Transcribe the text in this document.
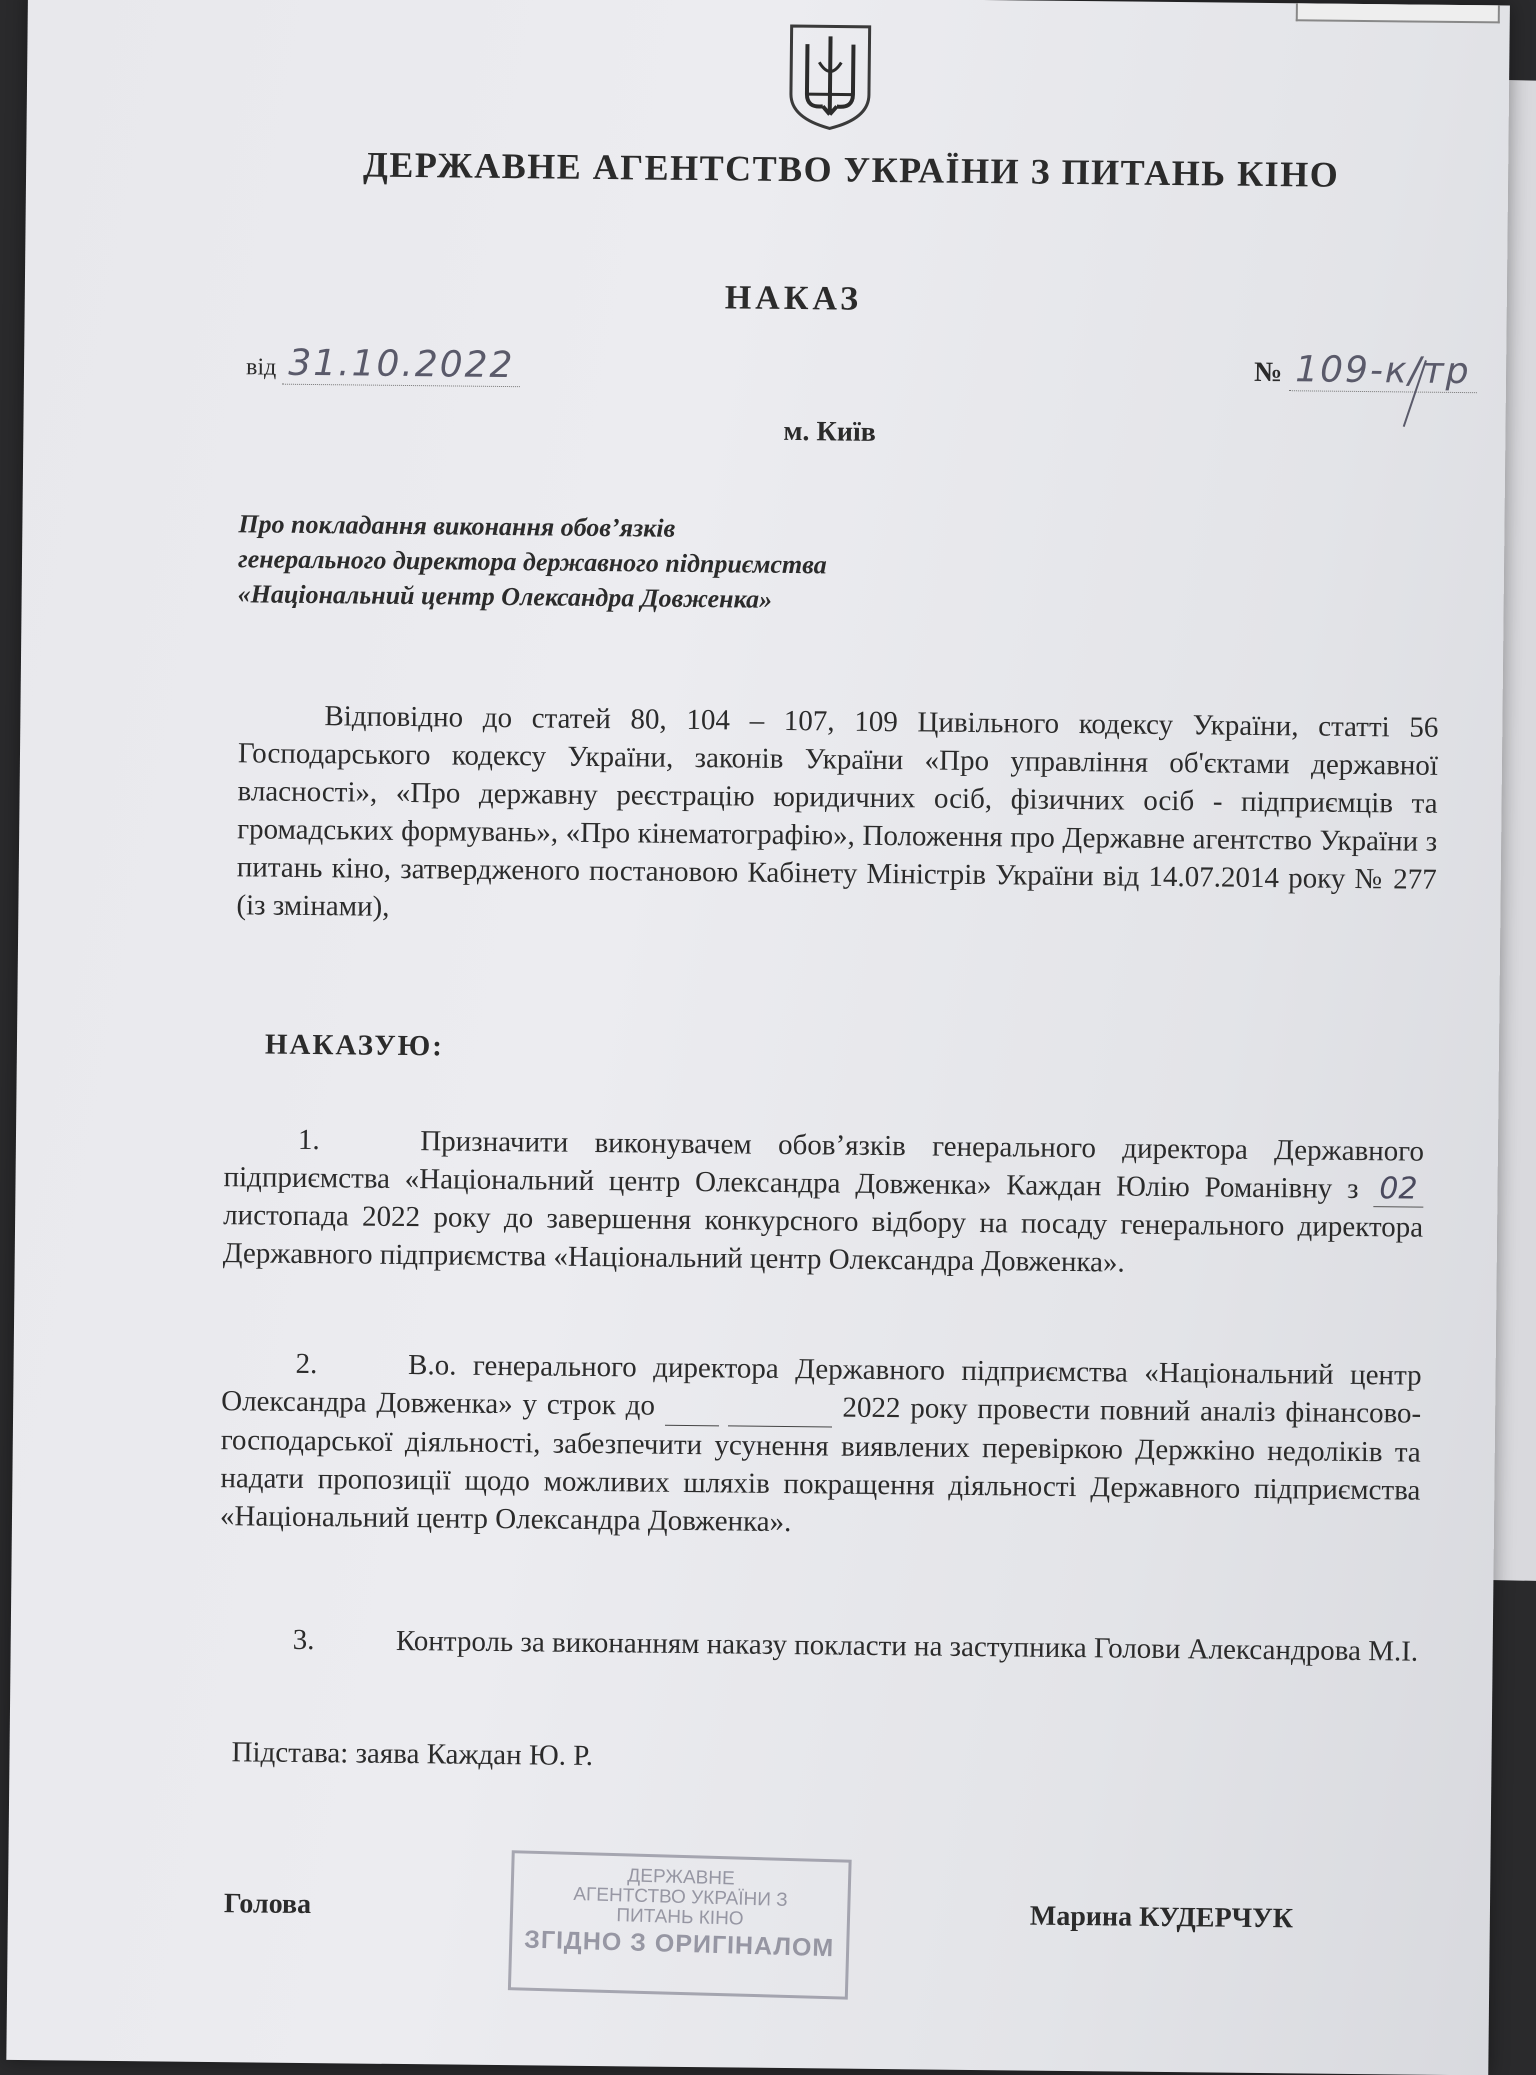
ДЕРЖАВНЕ АГЕНТСТВО УКРАЇНИ З ПИТАНЬ КІНО
НАКАЗ
від 31.10.2022	№ 109-к/тр
м. Київ
Про покладання виконання обов’язків
генерального директора державного підприємства
«Національний центр Олександра Довженка»
Відповідно до статей 80, 104 – 107, 109 Цивільного кодексу України, статті 56 Господарського кодексу України, законів України «Про управління об'єктами державної власності», «Про державну реєстрацію юридичних осіб, фізичних осіб - підприємців та громадських формувань», «Про кінематографію», Положення про Державне агентство України з питань кіно, затвердженого постановою Кабінету Міністрів України від 14.07.2014 року № 277 (із змінами),
НАКАЗУЮ:
1.	Призначити виконувачем обов’язків генерального директора Державного підприємства «Національний центр Олександра Довженка» Каждан Юлію Романівну з 02 листопада 2022 року до завершення конкурсного відбору на посаду генерального директора Державного підприємства «Національний центр Олександра Довженка».
2.	В.о. генерального директора Державного підприємства «Національний центр Олександра Довженка» у строк до	2022 року провести повний аналіз фінансово-господарської діяльності, забезпечити усунення виявлених перевіркою Держкіно недоліків та надати пропозиції щодо можливих шляхів покращення діяльності Державного підприємства «Національний центр Олександра Довженка».
3.	Контроль за виконанням наказу покласти на заступника Голови Александрова М.І.
Підстава: заява Каждан Ю. Р.
Голова
ДЕРЖАВНЕ
АГЕНТСТВО УКРАЇНИ З
ПИТАНЬ КІНО
ЗГІДНО З ОРИГІНАЛОМ
Марина КУДЕРЧУК
